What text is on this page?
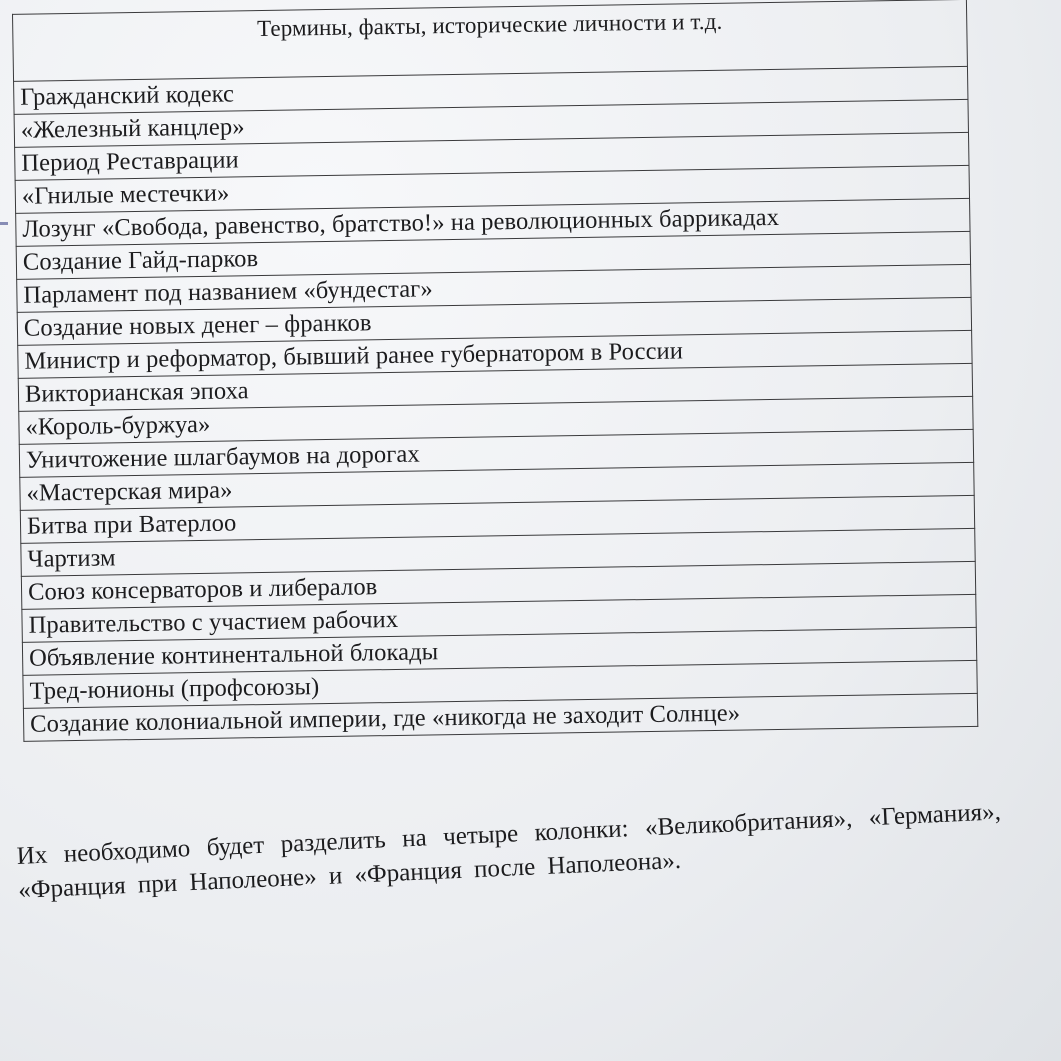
Термины, факты, исторические личности и т.д.
Гражданский кодекс
«Железный канцлер»
Период Реставрации
«Гнилые местечки»
Лозунг «Свобода, равенство, братство!» на революционных баррикадах
Создание Гайд-парков
Парламент под названием «бундестаг»
Создание новых денег – франков
Министр и реформатор, бывший ранее губернатором в России
Викторианская эпоха
«Король-буржуа»
Уничтожение шлагбаумов на дорогах
«Мастерская мира»
Битва при Ватерлоо
Чартизм
Союз консерваторов и либералов
Правительство с участием рабочих
Объявление континентальной блокады
Тред-юнионы (профсоюзы)
Создание колониальной империи, где «никогда не заходит Солнце»

Их необходимо будет разделить на четыре колонки: «Великобритания», «Германия», «Франция при Наполеоне» и «Франция после Наполеона».
